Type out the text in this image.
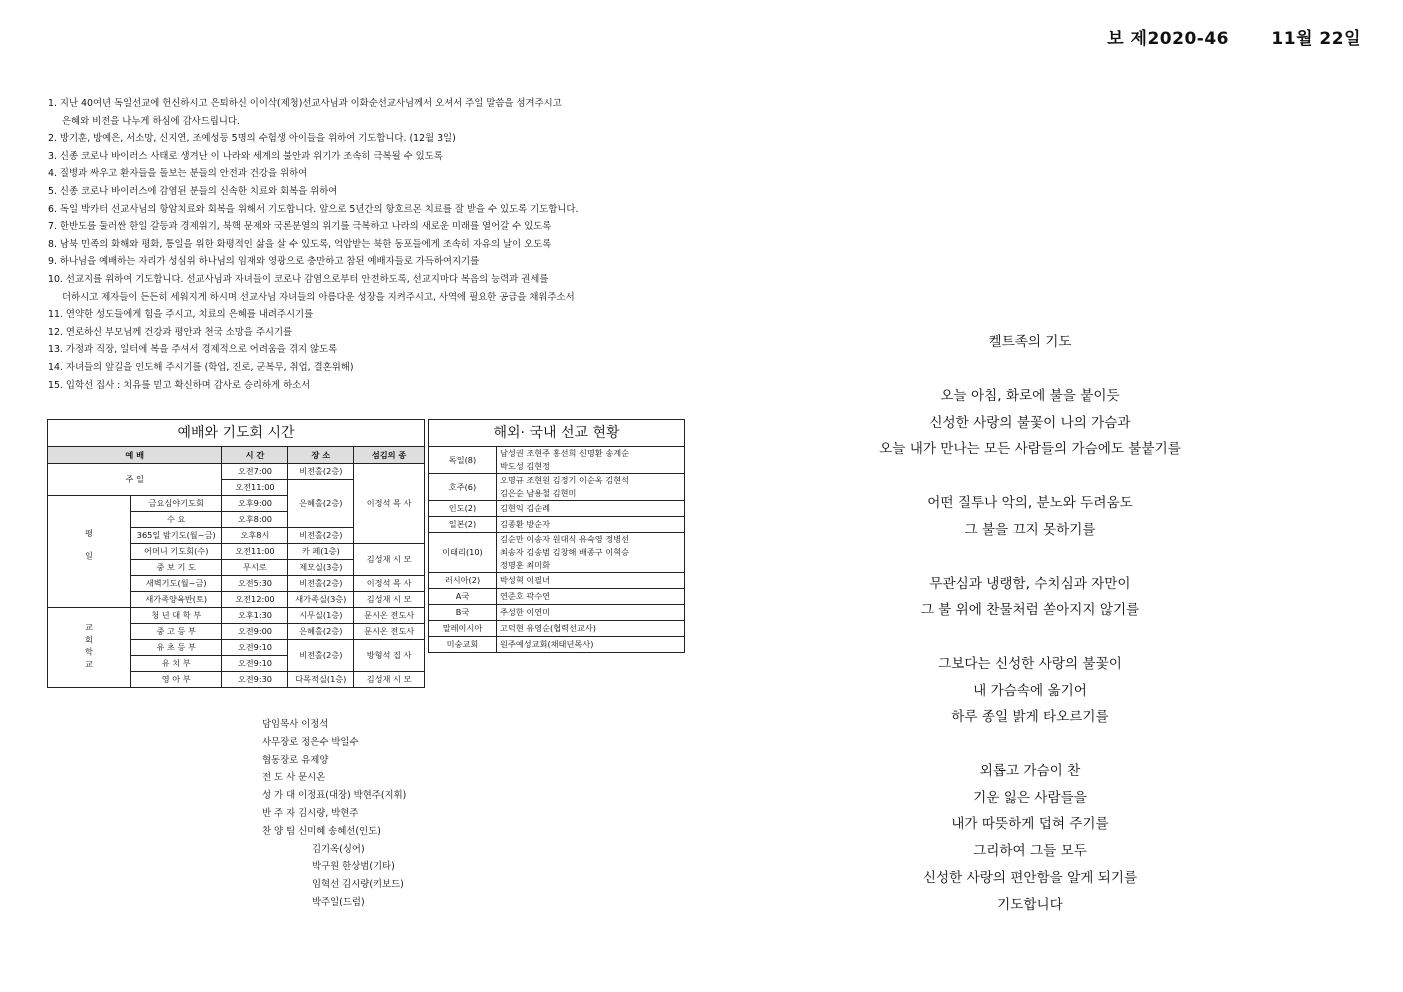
보 제2020-46 11월 22일
1. 지난 40여년 독일선교에 헌신하시고 은퇴하신 이이삭(제청)선교사님과 이화순선교사님께서 오셔서 주일 말씀을 섬겨주시고
은혜와 비전을 나누게 하심에 감사드립니다.
2. 방기훈, 방예은, 서소망, 신지연, 조예성등 5명의 수험생 아이들을 위하여 기도합니다. (12월 3일)
3. 신종 코로나 바이러스 사태로 생겨난 이 나라와 세계의 불안과 위기가 조속히 극복될 수 있도록
4. 질병과 싸우고 환자들을 돌보는 분들의 안전과 건강을 위하여
5. 신종 코로나 바이러스에 감염된 분들의 신속한 치료와 회복을 위하여
6. 독일 박카터 선교사님의 항암치료와 회복을 위해서 기도합니다. 앞으로 5년간의 항호르몬 치료를 잘 받을 수 있도록 기도합니다.
7. 한반도를 둘러싼 한일 갈등과 경제위기, 북핵 문제와 국론분열의 위기를 극복하고 나라의 새로운 미래를 열어갈 수 있도록
8. 남북 민족의 화해와 평화, 통일을 위한 화평적인 삶을 살 수 있도록, 억압받는 북한 동포들에게 조속히 자유의 날이 오도록
9. 하나님을 예배하는 자리가 성심위 하나님의 임재와 영광으로 충만하고 참된 예배자들로 가득하여지기를
10. 선교지를 위하여 기도합니다. 선교사님과 자녀들이 코로나 감염으로부터 안전하도록, 선교지마다 복음의 능력과 권세를
더하시고 제자들이 든든히 세워지게 하시며 선교사님 자녀들의 아름다운 성장을 지켜주시고, 사역에 필요한 공급을 채워주소서
11. 연약한 성도들에게 힘을 주시고, 치료의 은혜를 내려주시기를
12. 연로하신 부모님께 건강과 평안과 천국 소망을 주시기를
13. 가정과 직장, 일터에 복을 주셔서 경제적으로 어려움을 겪지 않도록
14. 자녀들의 앞길을 인도해 주시기를 (학업, 진로, 군복무, 취업, 결혼위해)
15. 입학선 집사 : 치유를 믿고 확신하며 감사로 승리하게 하소서
예배와 기도회 시간				
예 배		시 간	장 소	섬김의 종
주 일		오전7:00	비전홀(2층)	이정석 목 사
		오전11:00	은혜홀(2층)	
평일	금요심야기도회	오후9:00		
	수 요	오후8:00		
	365일 밤기도(월~금)	오후8시	비전홀(2층)	
	어머니 기도회(수)	오전11:00	카 페(1층)	김성재 시 모
	중 보 기 도	무시로	제모실(3층)	
	새벽기도(월~금)	오전5:30	비전홀(2층)	이정석 목 사
	새가족양육반(토)	오전12:00	새가족실(3층)	김성재 시 모
교회학교	청 년 대 학 부	오후1:30	시무실(1층)	문시온 전도사
	중 고 등 부	오전9:00	은혜홀(2층)	문시온 전도사
	유 초 등 부	오전9:10	비전홀(2층)	방형석 집 사
	유 치 부	오전9:10		
	영 아 부	오전9:30	다목적실(1층)	김성재 시 모
해외· 국내 선교 현황	
독일(8)	남성권 조현주 홍선희 신명환 송계순
박도성 김현정

호주(6)	오명규 조현원 김정기 이순옥 김현석
김은순 남용철 김현미

인도(2)	김현익 김순례
일본(2)	김종환 방순자
이태리(10)	김순만 이송자 원대식 유숙영 정병선
최송자 김송범 김창해 배종구 이혁승
정명훈 최미화

러시아(2)	박성혁 이필녀
A국	연준호 곽수연
B국	주성한 이연미
말레이시아	고덕현 유영순(협력선교사)
미숭교회	원주예성교회(채태년목사)
담임목사 이정석
사무장로 정은수 박일수
협동장로 유제양
전 도 사 문시온
성 가 대 이정표(대장) 박현주(지휘)
반 주 자 김시량, 박현주
찬 양 팀 신미혜 송혜선(인도)
김기옥(싱어)
박구원 한상범(기타)
임혁선 김시량(키보드)
박주일(드럼)
켈트족의 기도

오늘 아침, 화로에 불을 붙이듯
신성한 사랑의 불꽃이 나의 가슴과
오늘 내가 만나는 모든 사람들의 가슴에도 불붙기를

어떤 질투나 악의, 분노와 두려움도
그 불을 끄지 못하기를

무관심과 냉랭함, 수치심과 자만이
그 불 위에 찬물처럼 쏟아지지 않기를

그보다는 신성한 사랑의 불꽃이
내 가슴속에 옮기어
하루 종일 밝게 타오르기를

외롭고 가슴이 찬
기운 잃은 사람들을
내가 따뜻하게 덥혀 주기를
그리하여 그들 모두
신성한 사랑의 편안함을 알게 되기를
기도합니다
